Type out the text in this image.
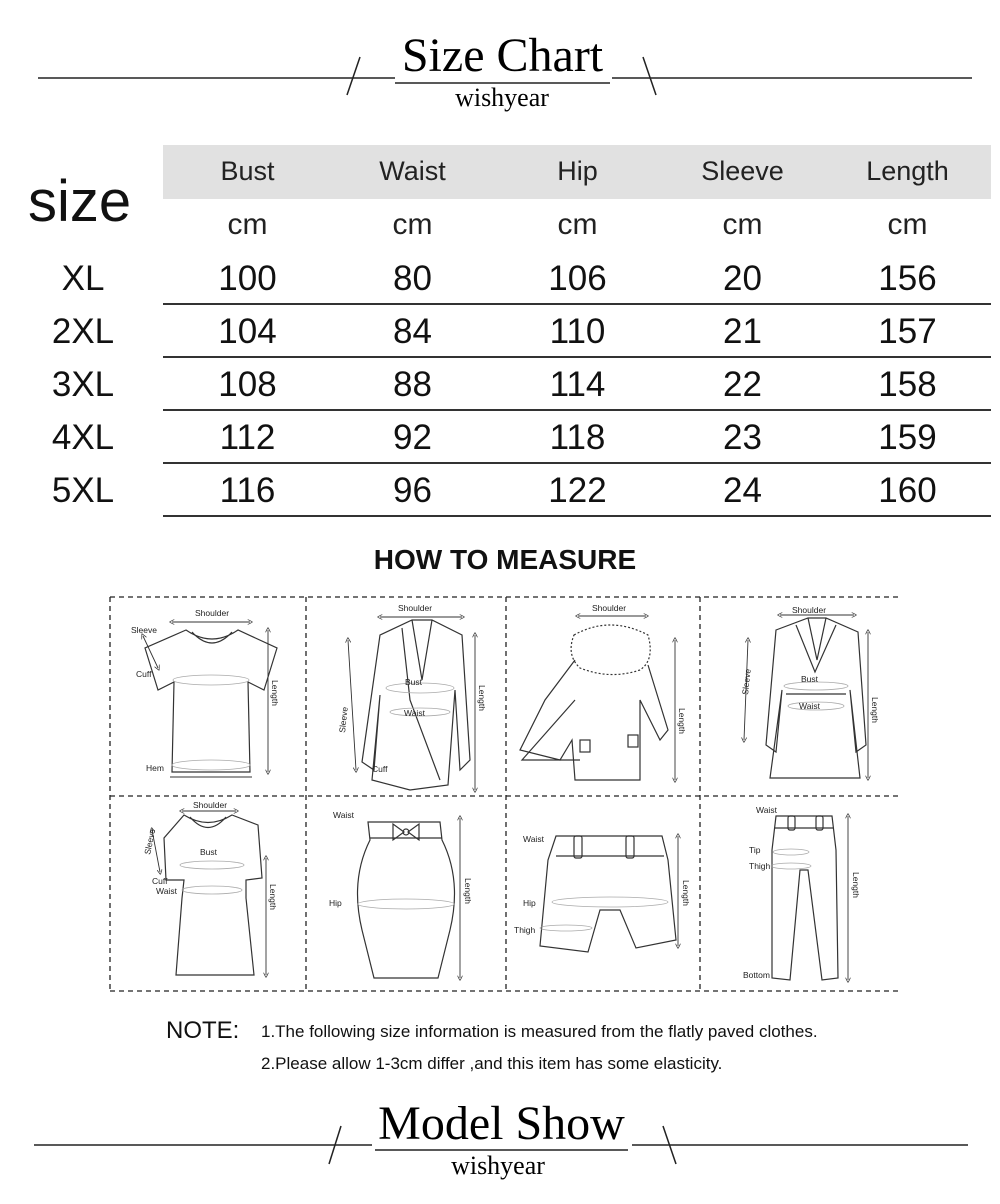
Size Chart
wishyear
size	Bust	Waist	Hip	Sleeve	Length
cm	cm	cm	cm	cm
XL	100	80	106	20	156
2XL	104	84	110	21	157
3XL	108	88	114	22	158
4XL	112	92	118	23	159
5XL	116	96	122	24	160
HOW TO MEASURE
Shoulder
Sleeve
Cuff
Hem
Length
Shoulder
Bust
Waist
Cuff
Sleeve
Length
Shoulder
Length
Shoulder
Bust
Waist
Sleeve
Length
Shoulder
Bust
Cuff
Waist
Sleeve
Length
Waist
Hip	Length
Waist
Hip
Thigh
Length
Waist
Tip
Thigh
Bottom
Length
NOTE: 1.The following size information is measured from the flatly paved clothes.
2.Please allow 1-3cm differ ,and this item has some elasticity.
Model Show
wishyear
